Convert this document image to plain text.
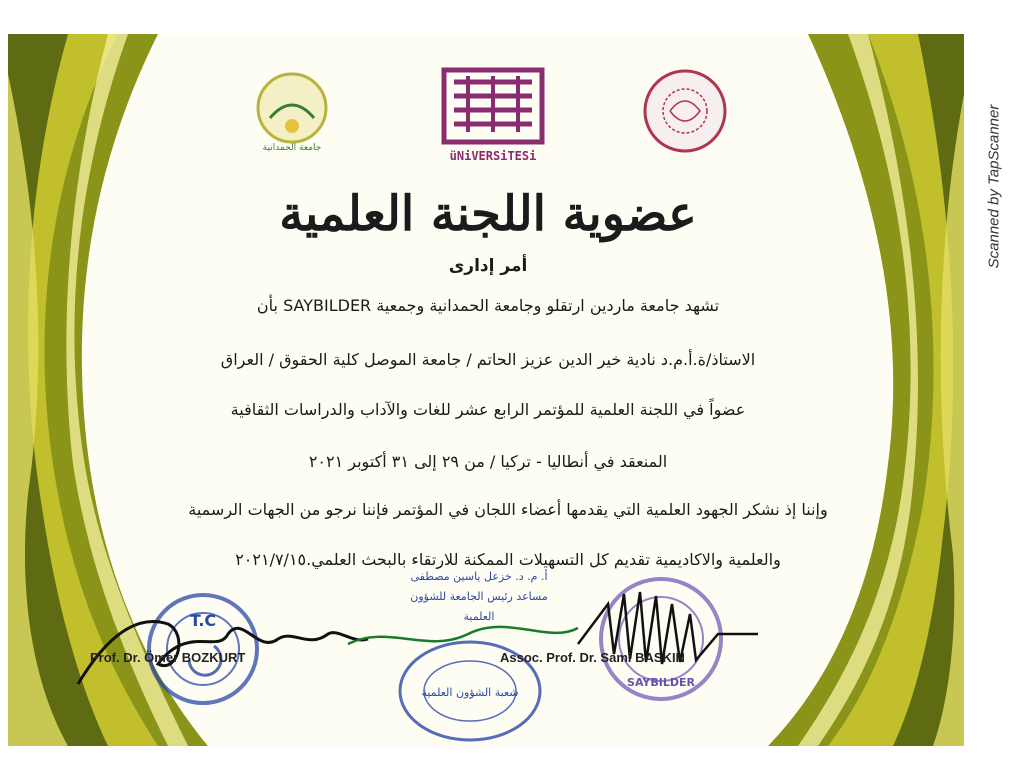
جامعة الحمدانية
üNiVERSiTESi
عضوية اللجنة العلمية
أمر إدارى
تشهد جامعة ماردين ارتقلو وجامعة الحمدانية وجمعية SAYBILDER بأن
الاستاذ/ة.أ.م.د نادية خير الدين عزيز الحاتم / جامعة الموصل كلية الحقوق / العراق
عضواً في اللجنة العلمية للمؤتمر الرابع عشر للغات والآداب والدراسات الثقافية
المنعقد في أنطاليا - تركيا / من ٢٩ إلى ٣١ أكتوبر ٢٠٢١
وإننا إذ نشكر الجهود العلمية التي يقدمها أعضاء اللجان في المؤتمر فإننا نرجو من الجهات الرسمية
والعلمية والاكاديمية تقديم كل التسهيلات الممكنة للارتقاء بالبحث العلمي.٢٠٢١/٧/١٥
T.C
أ. م. د. خزعل ياسين مصطفى
مساعد رئيس الجامعة للشؤون العلمية
شعبة الشؤون العلمية
SAYBILDER
Prof. Dr. Ömer BOZKURT	Assoc. Prof. Dr. Sami BASKIN
Scanned by TapScanner
